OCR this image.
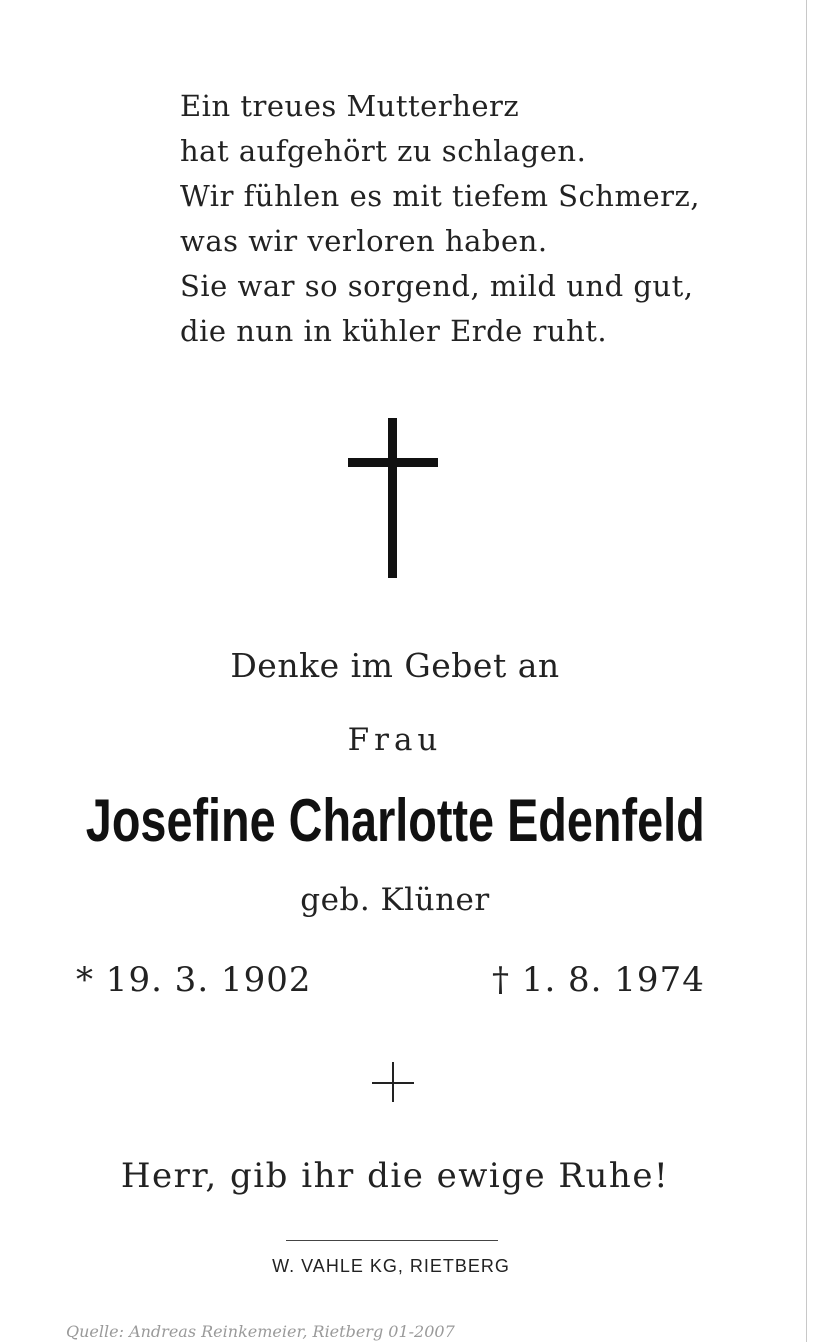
Ein treues Mutterherz
hat aufgehört zu schlagen.
Wir fühlen es mit tiefem Schmerz,
was wir verloren haben.
Sie war so sorgend, mild und gut,
die nun in kühler Erde ruht.
Denke im Gebet an
Frau
Josefine Charlotte Edenfeld
geb. Klüner
* 19. 3. 1902	† 1. 8. 1974
Herr, gib ihr die ewige Ruhe!
W. VAHLE KG, RIETBERG
Quelle: Andreas Reinkemeier, Rietberg 01-2007
